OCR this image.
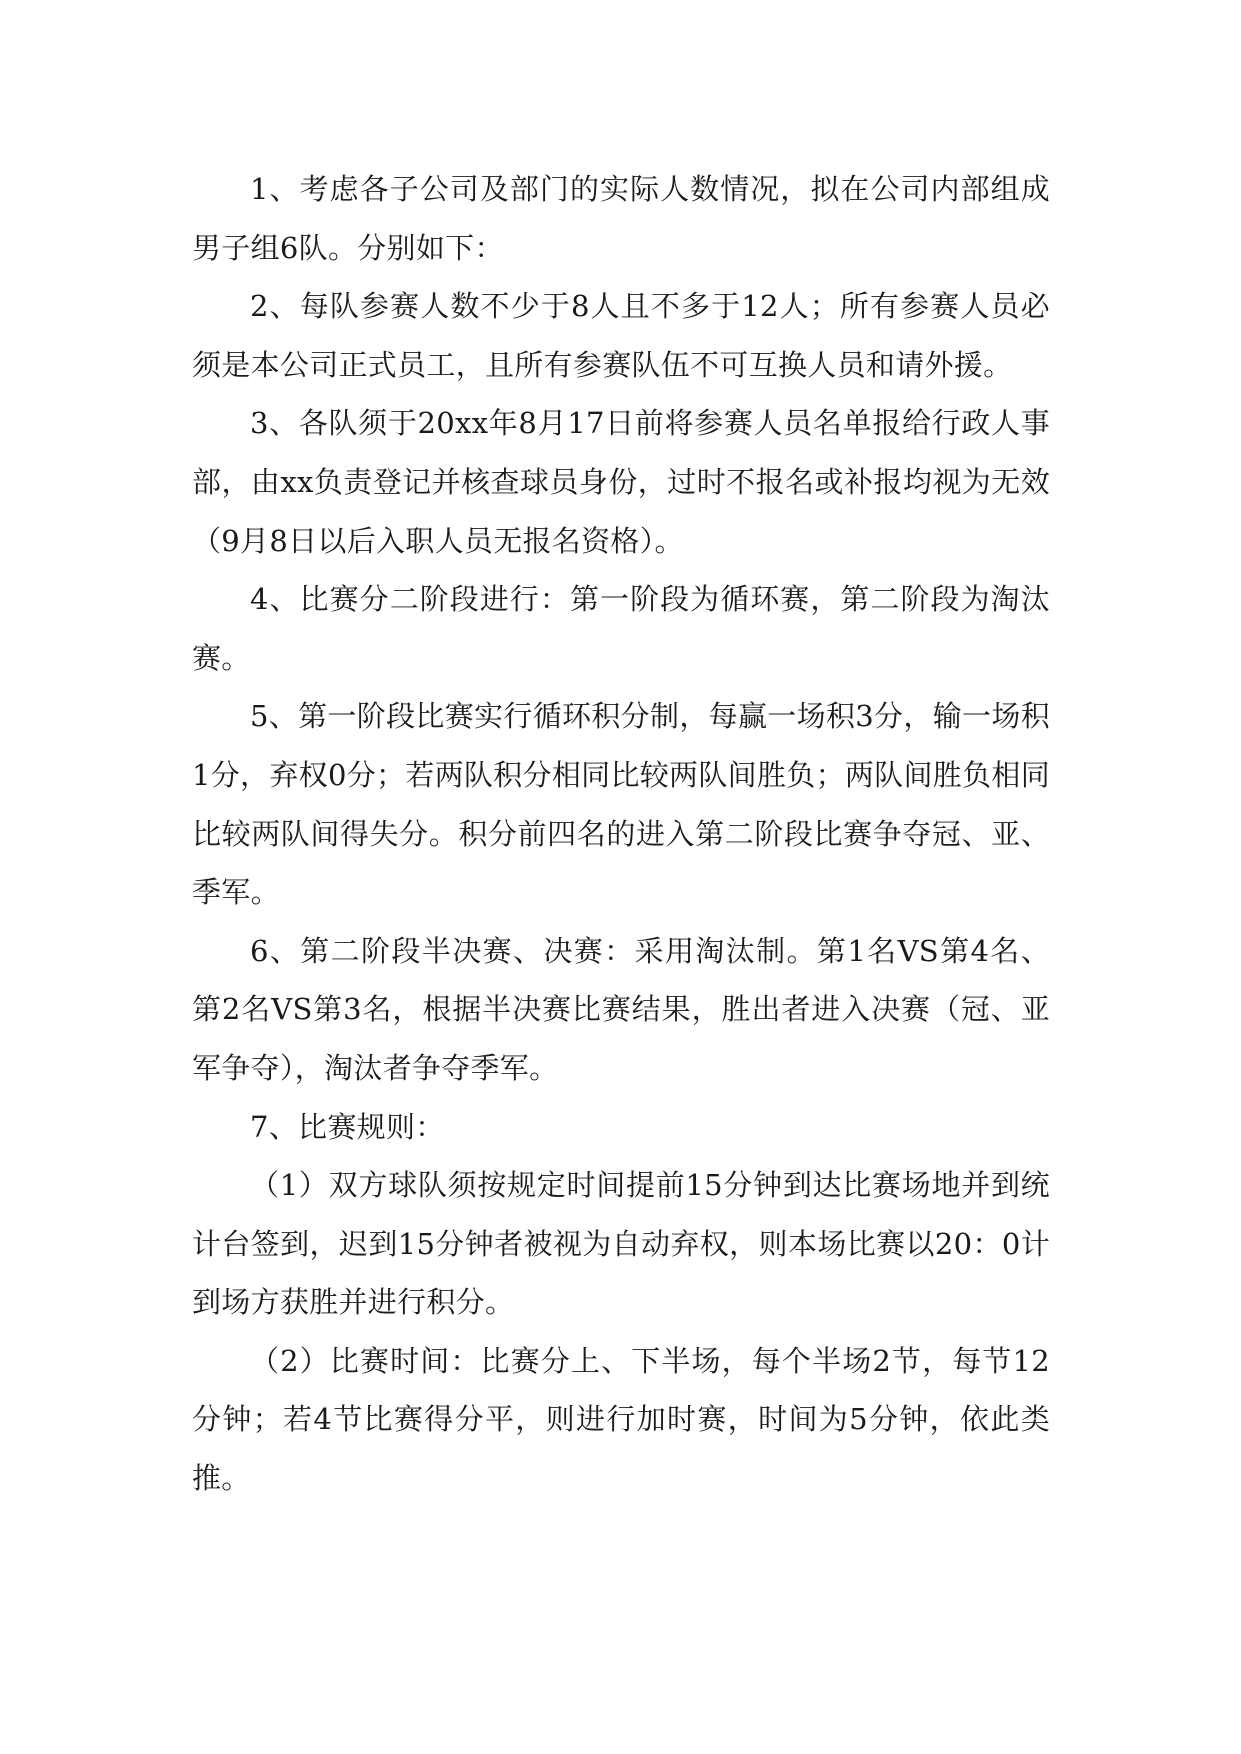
1、考虑各子公司及部门的实际人数情况，拟在公司内部组成男子组6队。分别如下：

2、每队参赛人数不少于8人且不多于12人；所有参赛人员必须是本公司正式员工，且所有参赛队伍不可互换人员和请外援。

3、各队须于20xx年8月17日前将参赛人员名单报给行政人事部，由xx负责登记并核查球员身份，过时不报名或补报均视为无效（9月8日以后入职人员无报名资格）。

4、比赛分二阶段进行：第一阶段为循环赛，第二阶段为淘汰赛。

5、第一阶段比赛实行循环积分制，每赢一场积3分，输一场积1分，弃权0分；若两队积分相同比较两队间胜负；两队间胜负相同比较两队间得失分。积分前四名的进入第二阶段比赛争夺冠、亚、季军。

6、第二阶段半决赛、决赛：采用淘汰制。第1名VS第4名、第2名VS第3名，根据半决赛比赛结果，胜出者进入决赛（冠、亚军争夺），淘汰者争夺季军。

7、比赛规则：

（1）双方球队须按规定时间提前15分钟到达比赛场地并到统计台签到，迟到15分钟者被视为自动弃权，则本场比赛以20：0计到场方获胜并进行积分。

（2）比赛时间：比赛分上、下半场，每个半场2节，每节12分钟；若4节比赛得分平，则进行加时赛，时间为5分钟，依此类推。
